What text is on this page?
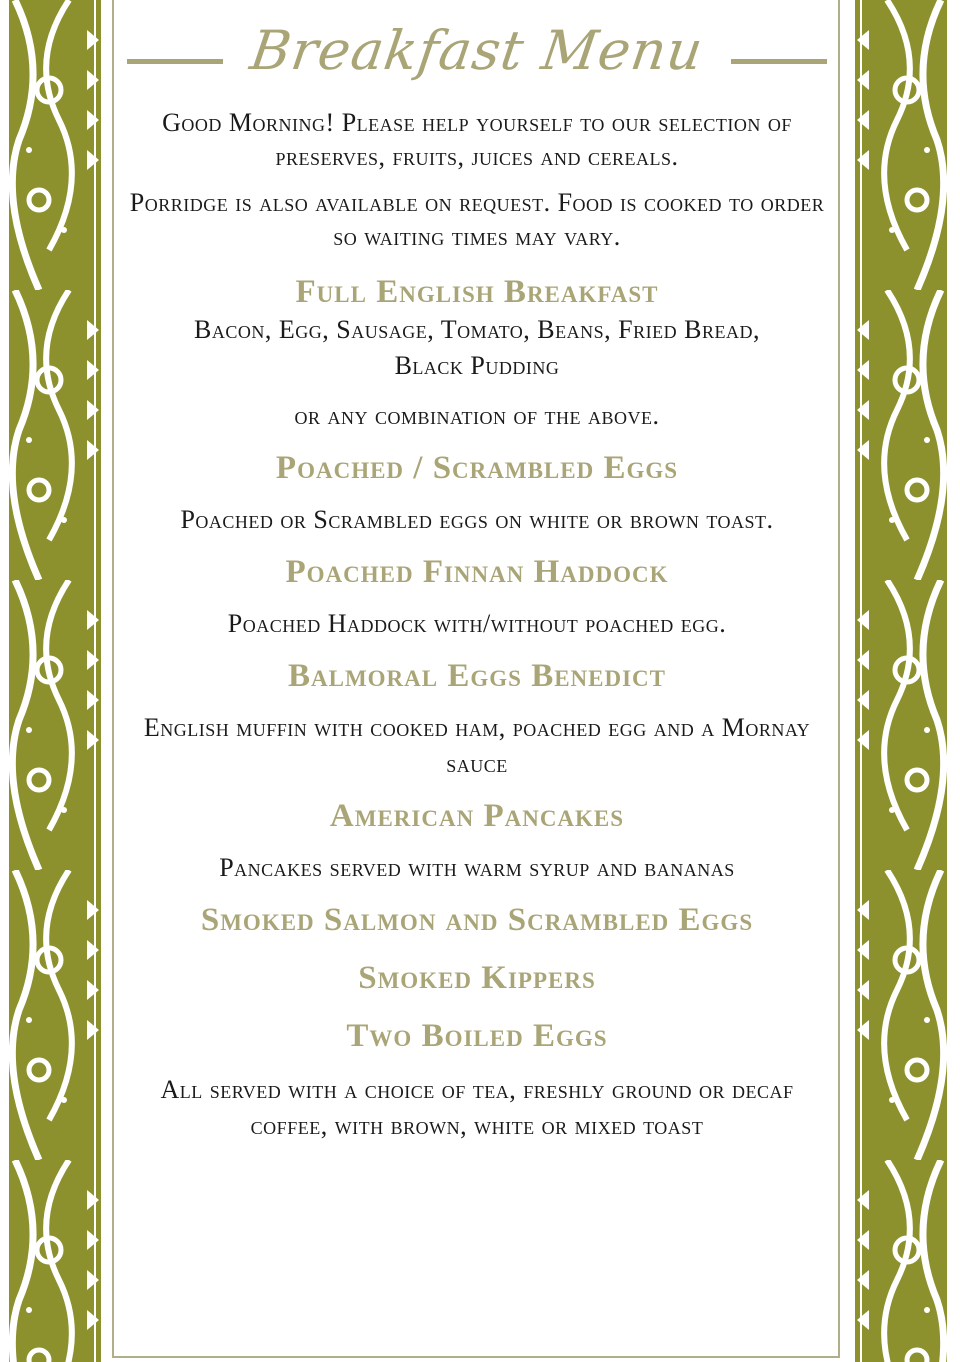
Breakfast Menu

Good Morning! Please help yourself to our selection of preserves, fruits, juices and cereals.

Porridge is also available on request. Food is cooked to order so waiting times may vary.

Full English Breakfast

Bacon, Egg, Sausage, Tomato, Beans, Fried Bread, Black Pudding

or any combination of the above.

Poached / Scrambled Eggs

Poached or Scrambled eggs on white or brown toast.

Poached Finnan Haddock

Poached Haddock with/without poached egg.

Balmoral Eggs Benedict

English muffin with cooked ham, poached egg and a Mornay sauce

American Pancakes

Pancakes served with warm syrup and bananas

Smoked Salmon and Scrambled Eggs

Smoked Kippers

Two Boiled Eggs

All served with a choice of tea, freshly ground or decaf coffee, with brown, white or mixed toast
